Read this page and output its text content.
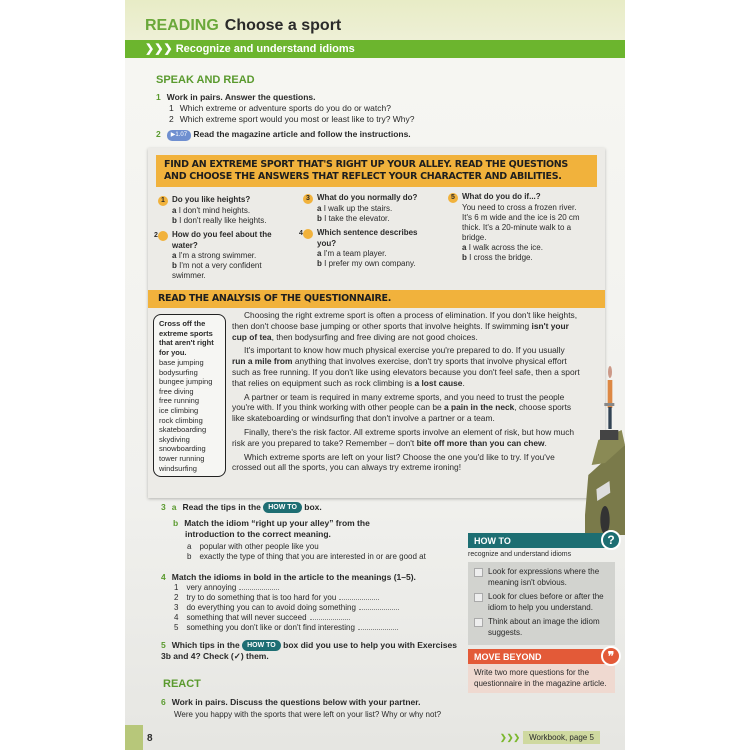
READING Choose a sport
❯❯❯ Recognize and understand idioms
SPEAK AND READ
1 Work in pairs. Answer the questions.
1 Which extreme or adventure sports do you do or watch?
2 Which extreme sport would you most or least like to try? Why?
2 ▶1.07 Read the magazine article and follow the instructions.
FIND AN EXTREME SPORT THAT'S RIGHT UP YOUR ALLEY. READ THE QUESTIONS AND CHOOSE THE ANSWERS THAT REFLECT YOUR CHARACTER AND ABILITIES.
1 Do you like heights?
a I don't mind heights.
b I don't really like heights.
2 How do you feel about the water?
a I'm a strong swimmer.
b I'm not a very confident swimmer.
3 What do you normally do?
a I walk up the stairs.
b I take the elevator.
4 Which sentence describes you?
a I'm a team player.
b I prefer my own company.
5 What do you do if...?
You need to cross a frozen river. It's 6 m wide and the ice is 20 cm thick. It's a 20-minute walk to a bridge.
a I walk across the ice.
b I cross the bridge.
READ THE ANALYSIS OF THE QUESTIONNAIRE.
Cross off the extreme sports that aren't right for you.
base jumping
bodysurfing
bungee jumping
free diving
free running
ice climbing
rock climbing
skateboarding
skydiving
snowboarding
tower running
windsurfing

Choosing the right extreme sport is often a process of elimination. If you don't like heights, then don't choose base jumping or other sports that involve heights. If swimming isn't your cup of tea, then bodysurfing and free diving are not good choices.

It's important to know how much physical exercise you're prepared to do. If you usually run a mile from anything that involves exercise, don't try sports that involve physical effort such as free running. If you don't like using elevators because you don't feel safe, then a sport that relies on equipment such as rock climbing is a lost cause.

A partner or team is required in many extreme sports, and you need to trust the people you're with. If you think working with other people can be a pain in the neck, choose sports like skateboarding or windsurfing that don't involve a partner or a team.

Finally, there's the risk factor. All extreme sports involve an element of risk, but how much risk are you prepared to take? Remember – don't bite off more than you can chew.

Which extreme sports are left on your list? Choose the one you'd like to try. If you've crossed out all the sports, you can always try extreme ironing!

3 a Read the tips in the HOW TO box.
b Match the idiom “right up your alley” from the introduction to the correct meaning.
a popular with other people like you
b exactly the type of thing that you are interested in or are good at
4 Match the idioms in bold in the article to the meanings (1–5).
1 very annoying
2 try to do something that is too hard for you
3 do everything you can to avoid doing something
4 something that will never succeed
5 something you don't like or don't find interesting
5 Which tips in the HOW TO box did you use to help you with Exercises 3b and 4? Check (✓) them.
REACT
6 Work in pairs. Discuss the questions below with your partner.
Were you happy with the sports that were left on your list? Why or why not?
HOW TO	?
recognize and understand idioms
Look for expressions where the meaning isn't obvious.
Look for clues before or after the idiom to help you understand.
Think about an image the idiom suggests.
MOVE BEYOND	❞
Write two more questions for the questionnaire in the magazine article.
8	❯❯❯	Workbook, page 5
